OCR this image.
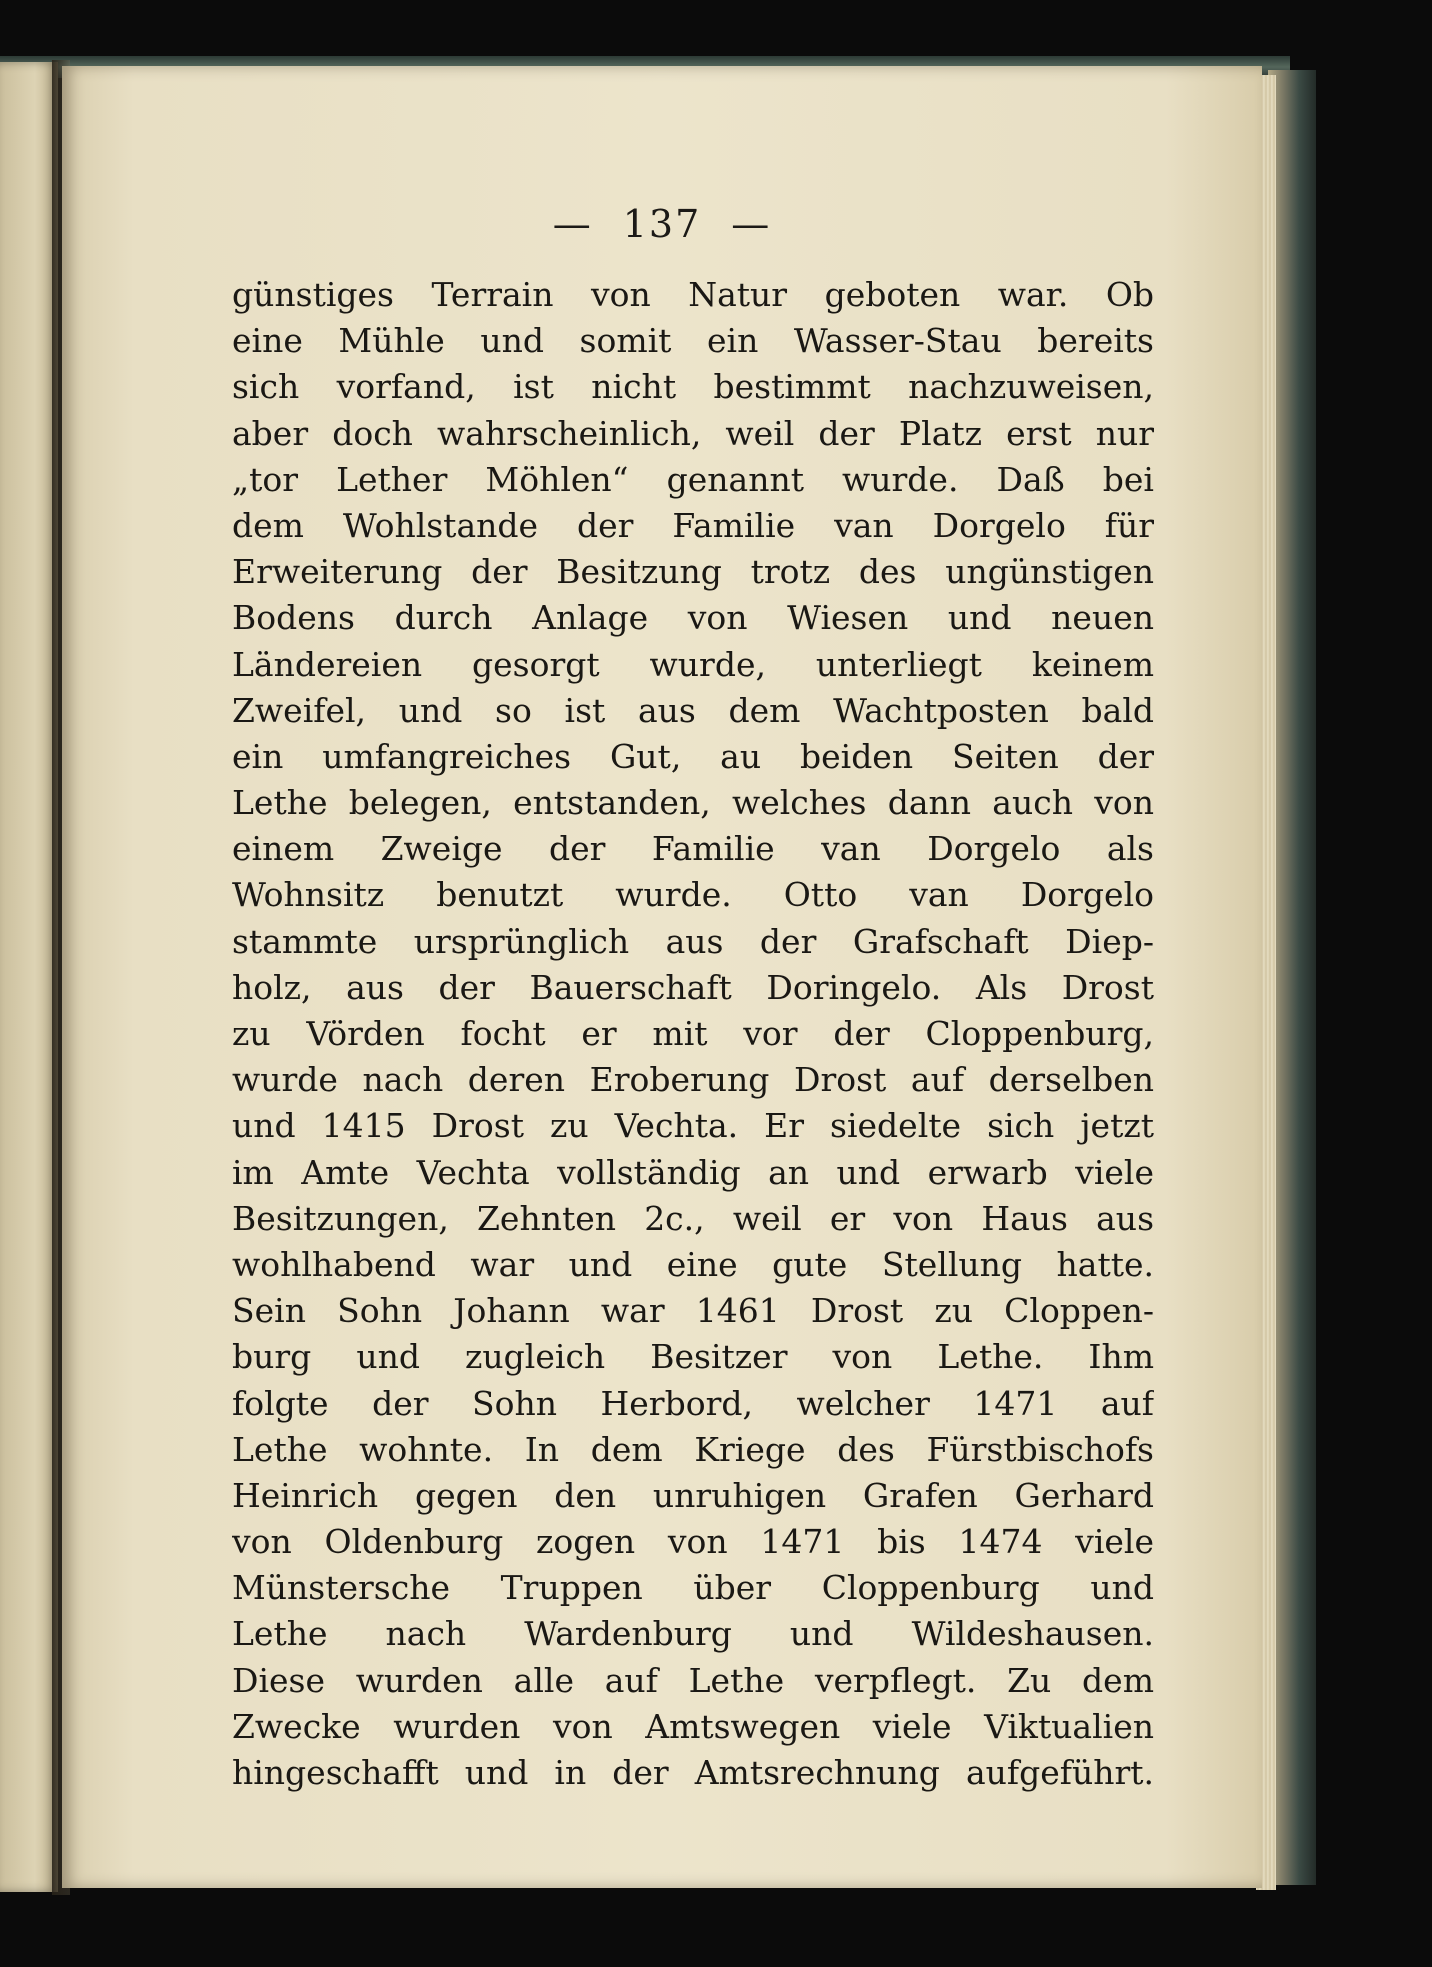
— 137 —
günstiges Terrain von Natur geboten war. Ob
eine Mühle und somit ein Wasser-Stau bereits
sich vorfand, ist nicht bestimmt nachzuweisen,
aber doch wahrscheinlich, weil der Platz erst nur
„tor Lether Möhlen“ genannt wurde. Daß bei
dem Wohlstande der Familie van Dorgelo für
Erweiterung der Besitzung trotz des ungünstigen
Bodens durch Anlage von Wiesen und neuen
Ländereien gesorgt wurde, unterliegt keinem
Zweifel, und so ist aus dem Wachtposten bald
ein umfangreiches Gut, au beiden Seiten der
Lethe belegen, entstanden, welches dann auch von
einem Zweige der Familie van Dorgelo als
Wohnsitz benutzt wurde. Otto van Dorgelo
stammte ursprünglich aus der Grafschaft Diep-
holz, aus der Bauerschaft Doringelo. Als Drost
zu Vörden focht er mit vor der Cloppenburg,
wurde nach deren Eroberung Drost auf derselben
und 1415 Drost zu Vechta. Er siedelte sich jetzt
im Amte Vechta vollständig an und erwarb viele
Besitzungen, Zehnten 2c., weil er von Haus aus
wohlhabend war und eine gute Stellung hatte.
Sein Sohn Johann war 1461 Drost zu Cloppen-
burg und zugleich Besitzer von Lethe. Ihm
folgte der Sohn Herbord, welcher 1471 auf
Lethe wohnte. In dem Kriege des Fürstbischofs
Heinrich gegen den unruhigen Grafen Gerhard
von Oldenburg zogen von 1471 bis 1474 viele
Münstersche Truppen über Cloppenburg und
Lethe nach Wardenburg und Wildeshausen.
Diese wurden alle auf Lethe verpflegt. Zu dem
Zwecke wurden von Amtswegen viele Viktualien
hingeschafft und in der Amtsrechnung aufgeführt.
